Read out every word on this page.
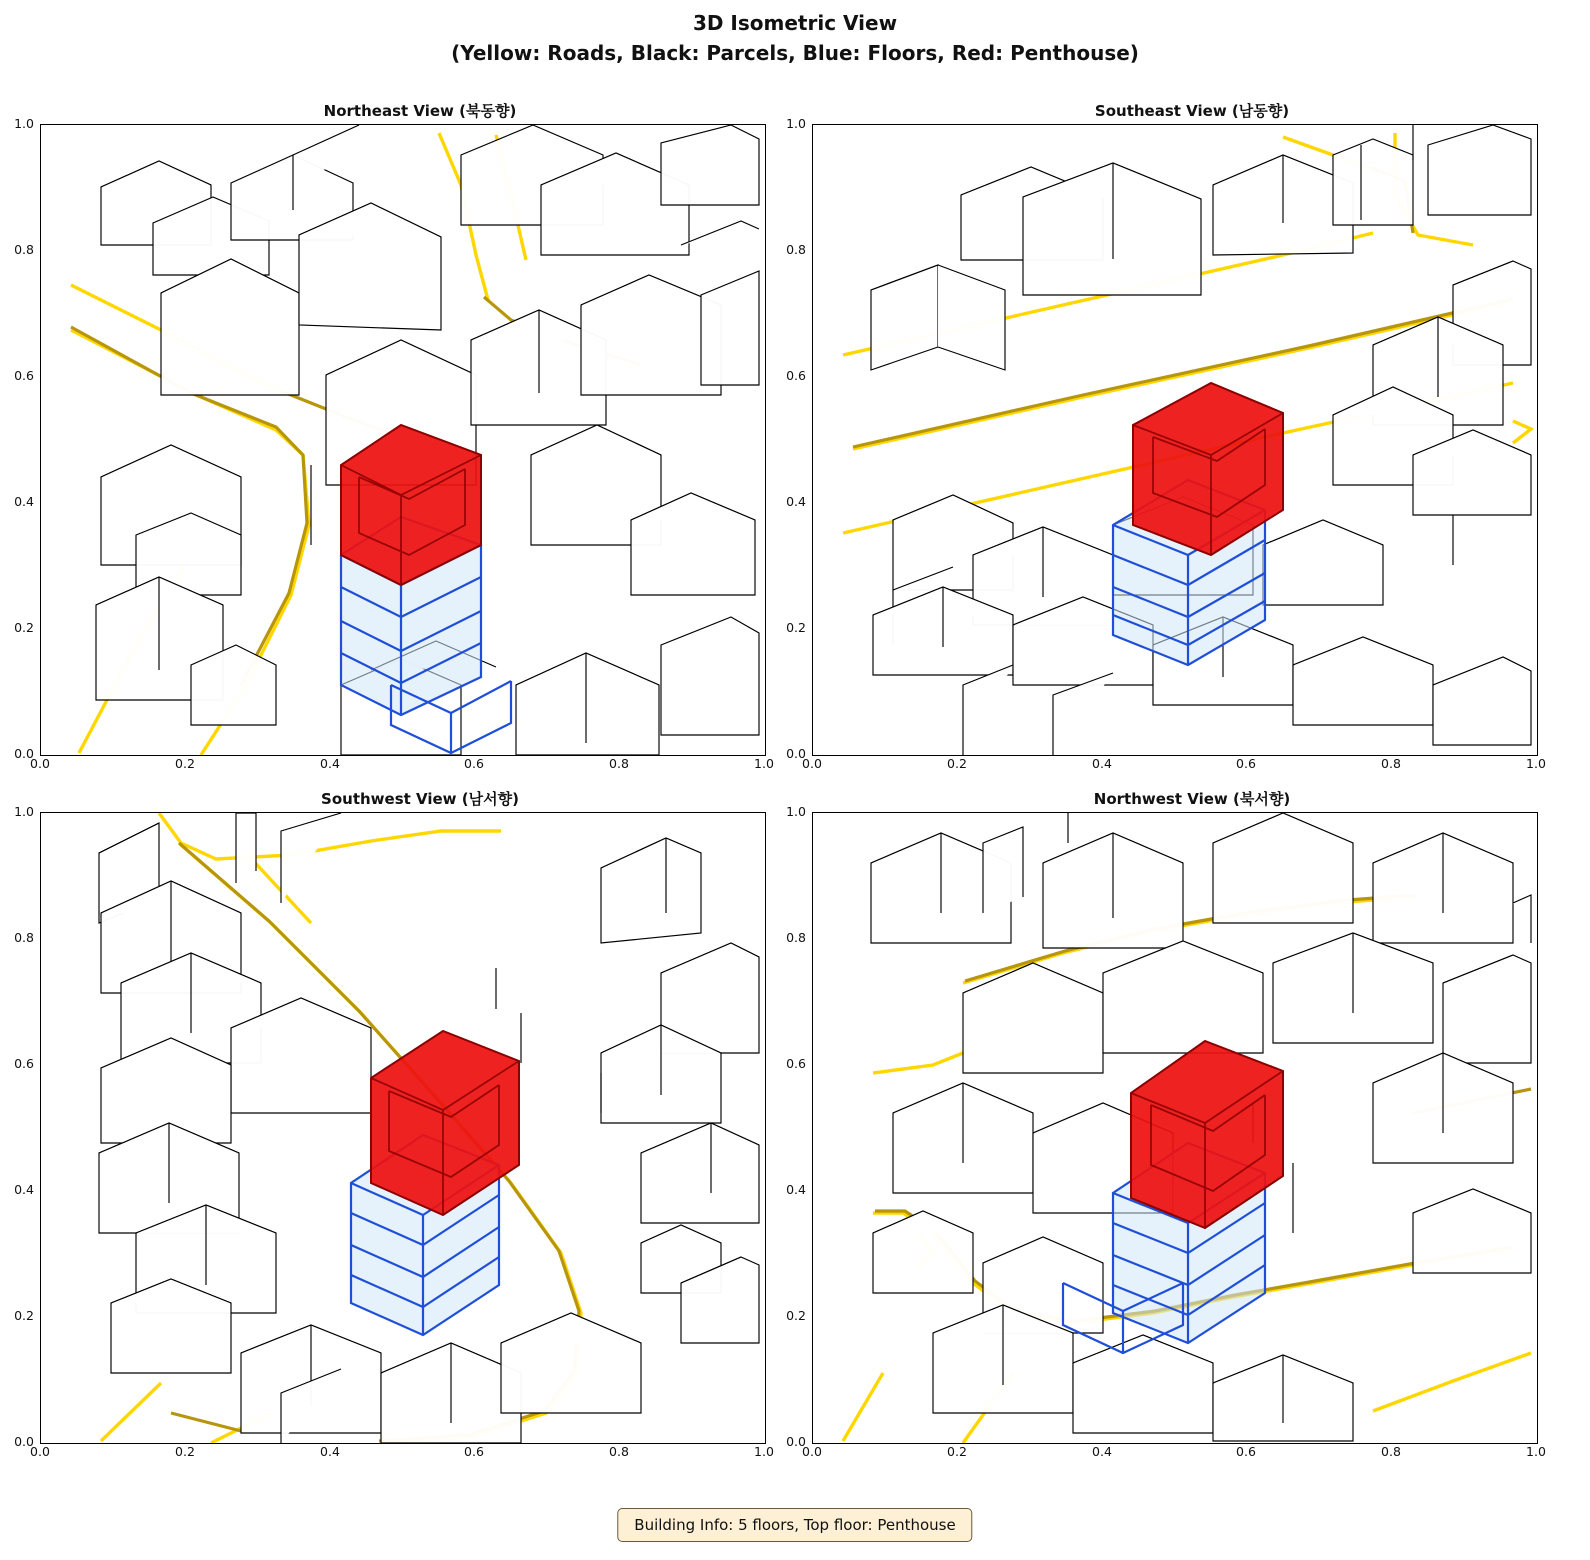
3D Isometric View
(Yellow: Roads, Black: Parcels, Blue: Floors, Red: Penthouse)
Northeast View (북동향)
0.0
0.2
0.4
0.6
0.8
1.0
0.0	0.2	0.4	0.6	0.8	1.0
Southeast View (남동향)
0.0
0.2
0.4
0.6
0.8
1.0
0.0	0.2	0.4	0.6	0.8	1.0
Southwest View (남서향)
0.0
0.2
0.4
0.6
0.8
1.0
0.0	0.2	0.4	0.6	0.8	1.0
Northwest View (북서향)
0.0
0.2
0.4
0.6
0.8
1.0
0.0	0.2	0.4	0.6	0.8	1.0
Building Info: 5 floors, Top floor: Penthouse
